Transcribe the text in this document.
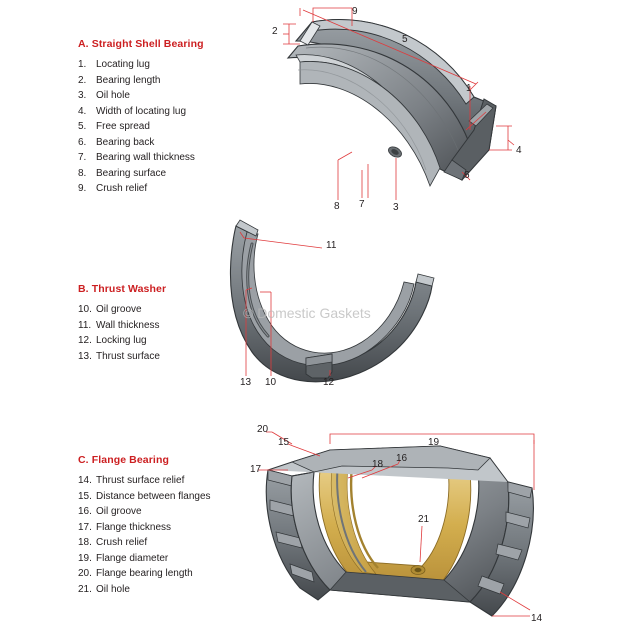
A. Straight Shell Bearing
1. Locating lug
2. Bearing length
3. Oil hole
4. Width of locating lug
5. Free spread
6. Bearing back
7. Bearing wall thickness
8. Bearing surface
9. Crush relief
B. Thrust Washer
10. Oil groove
11. Wall thickness
12. Locking lug
13. Thrust surface
C. Flange Bearing
14. Thrust surface relief
15. Distance between flanges
16. Oil groove
17. Flange thickness
18. Crush relief
19. Flange diameter
20. Flange bearing length
21. Oil hole
9
2
5
1
4
6
8 7	3
11
13 10	12
20
15	19
17	18
16
21
14
© Domestic Gaskets
